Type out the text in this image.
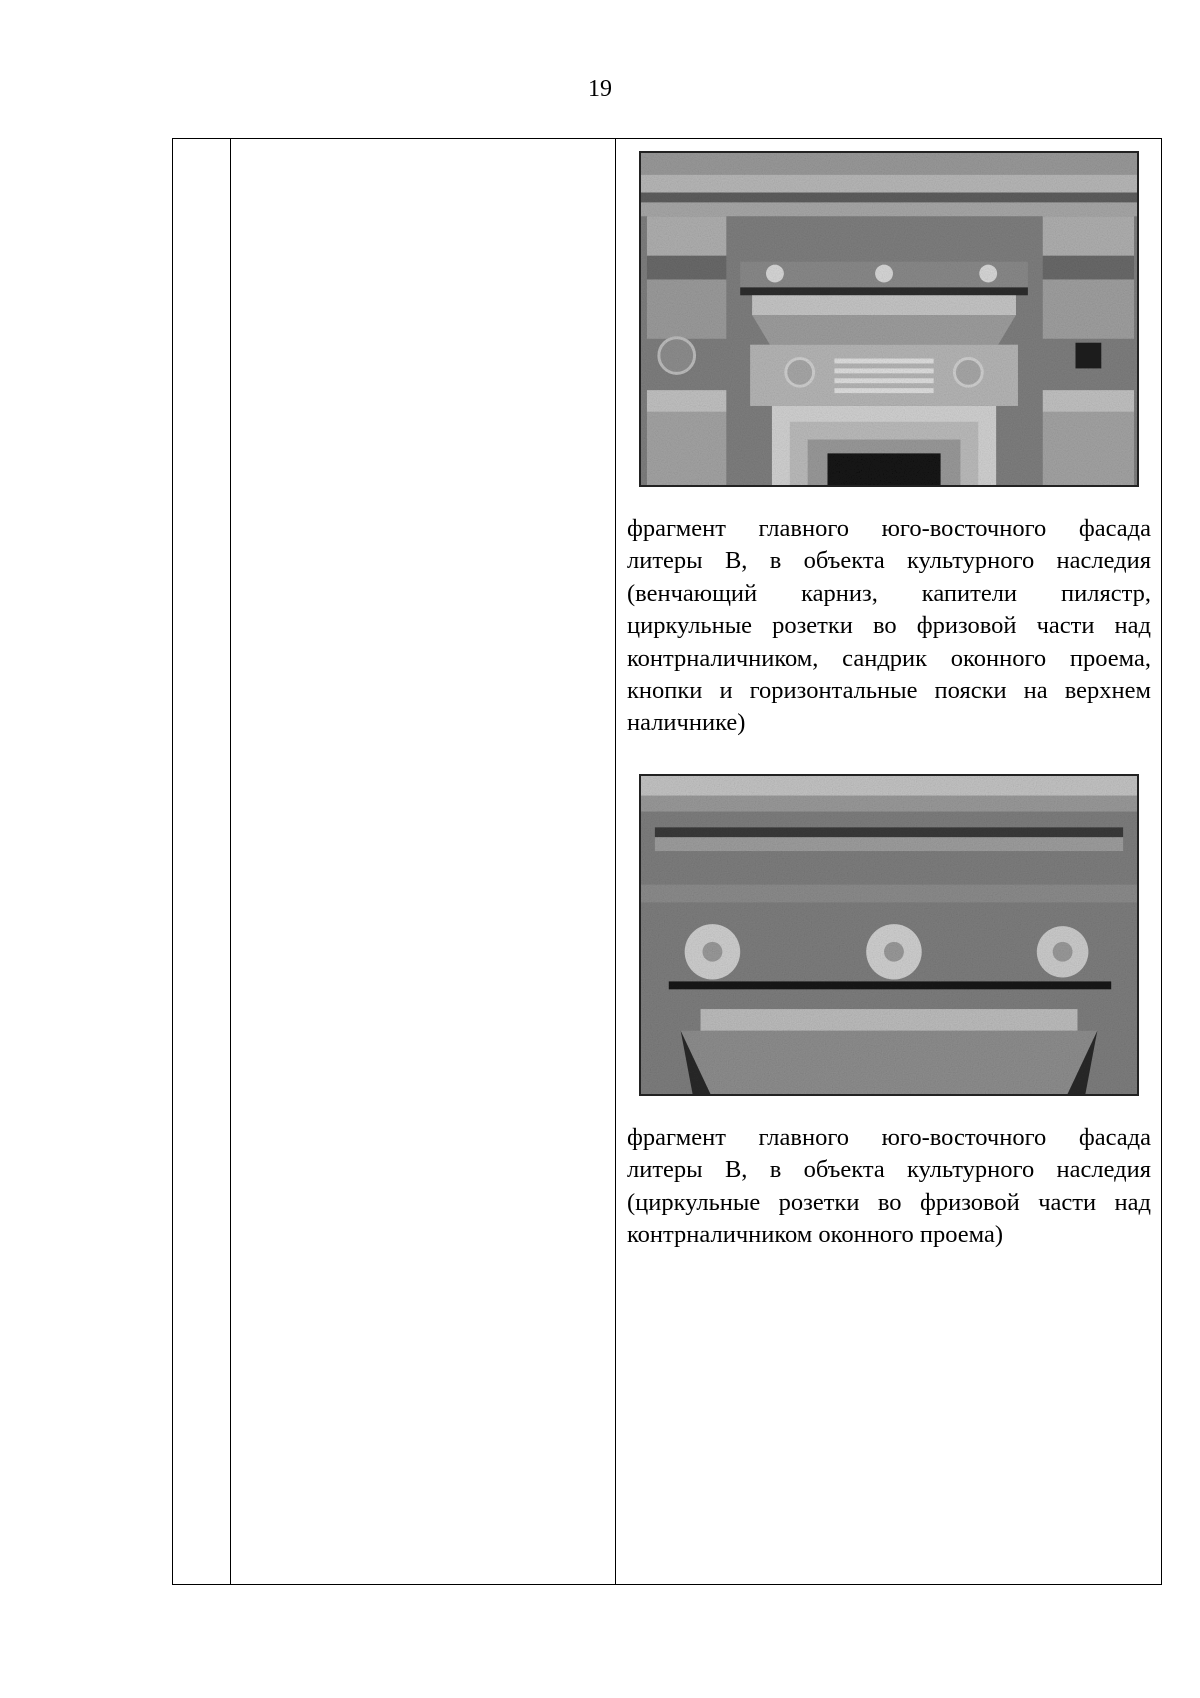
19

фрагмент главного юго-восточного фасада литеры В, в объекта культурного наследия (венчающий карниз, капители пилястр, циркульные розетки во фризовой части над контрналичником, сандрик оконного проема, кнопки и горизонтальные пояски на верхнем наличнике)

фрагмент главного юго-восточного фасада литеры В, в объекта культурного наследия (циркульные розетки во фризовой части над контрналичником оконного проема)
